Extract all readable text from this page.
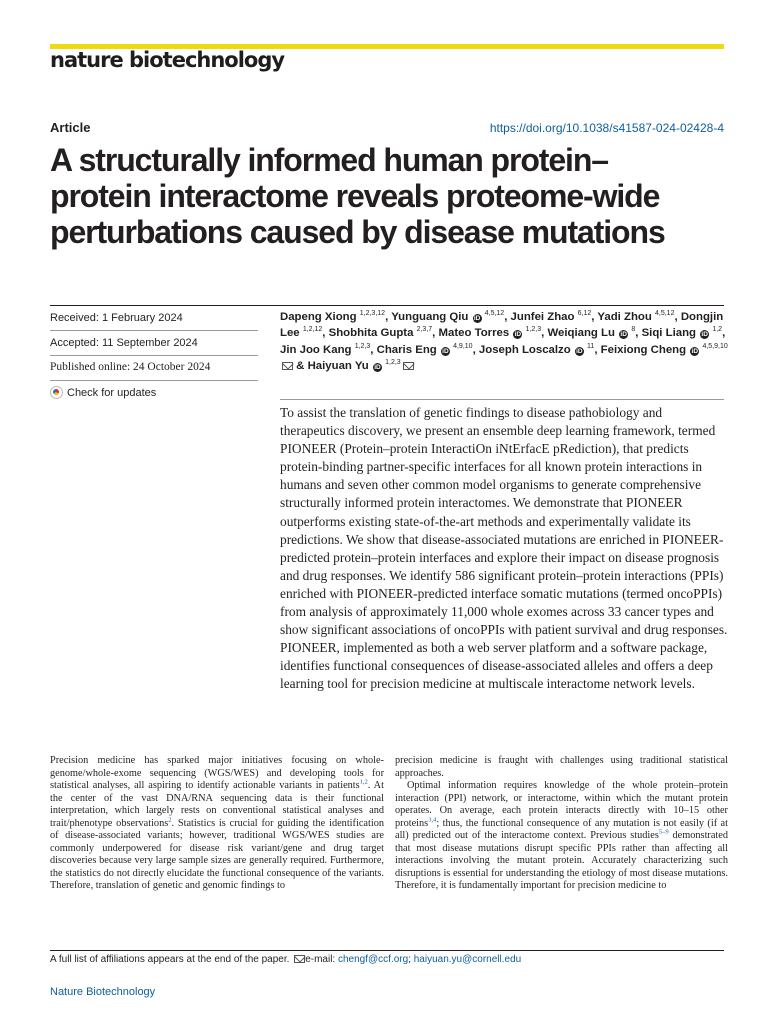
nature biotechnology
Article	https://doi.org/10.1038/s41587-024-02428-4
A structurally informed human protein–
protein interactome reveals proteome-wide
perturbations caused by disease mutations
Received: 1 February 2024
Accepted: 11 September 2024
Published online: 24 October 2024
Check for updates
Dapeng Xiong $^{1,2,3,12}$, Yunguang Qiu iD $^{4,5,12}$, Junfei Zhao $^{6,12}$, Yadi Zhou $^{4,5,12}$, Dongjin Lee $^{1,2,12}$, Shobhita Gupta $^{2,3,7}$, Mateo Torres iD $^{1,2,3}$, Weiqiang Lu iD $^8$, Siqi Liang iD $^{1,2}$, Jin Joo Kang $^{1,2,3}$, Charis Eng iD $^{4,9,10}$, Joseph Loscalzo iD $^{11}$, Feixiong Cheng iD $^{4,5,9,10}$ & Haiyuan Yu iD $^{1,2,3}$
To assist the translation of genetic findings to disease pathobiology and therapeutics discovery, we present an ensemble deep learning framework, termed PIONEER (Protein–protein InteractiOn iNtErfacE pRediction), that predicts protein-binding partner-specific interfaces for all known protein interactions in humans and seven other common model organisms to generate comprehensive structurally informed protein interactomes. We demonstrate that PIONEER outperforms existing state-of-the-art methods and experimentally validate its predictions. We show that disease-associated mutations are enriched in PIONEER-predicted protein–protein interfaces and explore their impact on disease prognosis and drug responses. We identify 586 significant protein–protein interactions (PPIs) enriched with PIONEER-predicted interface somatic mutations (termed oncoPPIs) from analysis of approximately 11,000 whole exomes across 33 cancer types and show significant associations of oncoPPIs with patient survival and drug responses. PIONEER, implemented as both a web server platform and a software package, identifies functional consequences of disease-associated alleles and offers a deep learning tool for precision medicine at multiscale interactome network levels.

Precision medicine has sparked major initiatives focusing on whole-genome/whole-exome sequencing (WGS/WES) and developing tools for statistical analyses, all aspiring to identify actionable variants in patients$^{1,2}$. At the center of the vast DNA/RNA sequencing data is their functional interpretation, which largely rests on conventional statistical analyses and trait/phenotype observations$^2$. Statistics is crucial for guiding the identification of disease-associated variants; however, traditional WGS/WES studies are commonly underpowered for disease risk variant/gene and drug target discoveries because very large sample sizes are generally required. Furthermore, the statistics do not directly elucidate the functional consequence of the variants. Therefore, translation of genetic and genomic findings to

precision medicine is fraught with challenges using traditional statistical approaches.

Optimal information requires knowledge of the whole protein–protein interaction (PPI) network, or interactome, within which the mutant protein operates. On average, each protein interacts directly with 10–15 other proteins$^{3,4}$; thus, the functional consequence of any mutation is not easily (if at all) predicted out of the interactome context. Previous studies$^{5-9}$ demonstrated that most disease mutations disrupt specific PPIs rather than affecting all interactions involving the mutant protein. Accurately characterizing such disruptions is essential for understanding the etiology of most disease mutations. Therefore, it is fundamentally important for precision medicine to

A full list of affiliations appears at the end of the paper. e-mail: chengf@ccf.org; haiyuan.yu@cornell.edu
Nature Biotechnology
